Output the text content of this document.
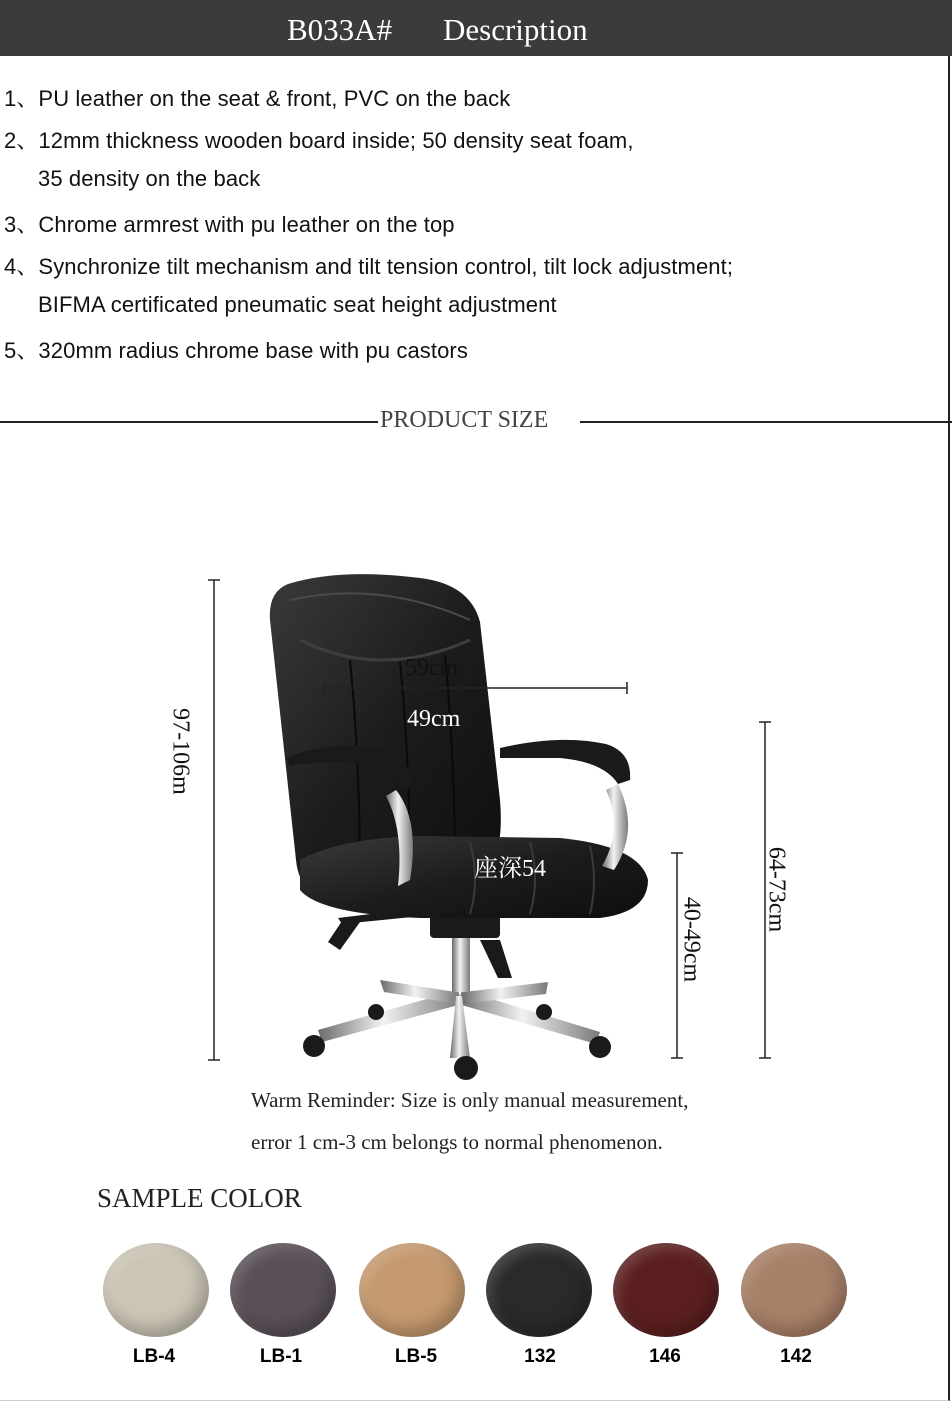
B033A# Description
1、PU leather on the seat & front, PVC on the back
2、12mm thickness wooden board inside; 50 density seat foam,
35 density on the back
3、Chrome armrest with pu leather on the top
4、Synchronize tilt mechanism and tilt tension control, tilt lock adjustment;
BIFMA certificated pneumatic seat height adjustment
5、320mm radius chrome base with pu castors
PRODUCT SIZE
59cm
49cm
座深54
97-106m
40-49cm
64-73cm
Warm Reminder: Size is only manual measurement,
error 1 cm-3 cm belongs to normal phenomenon.
SAMPLE COLOR
LB-4	LB-1	LB-5	132	146	142
